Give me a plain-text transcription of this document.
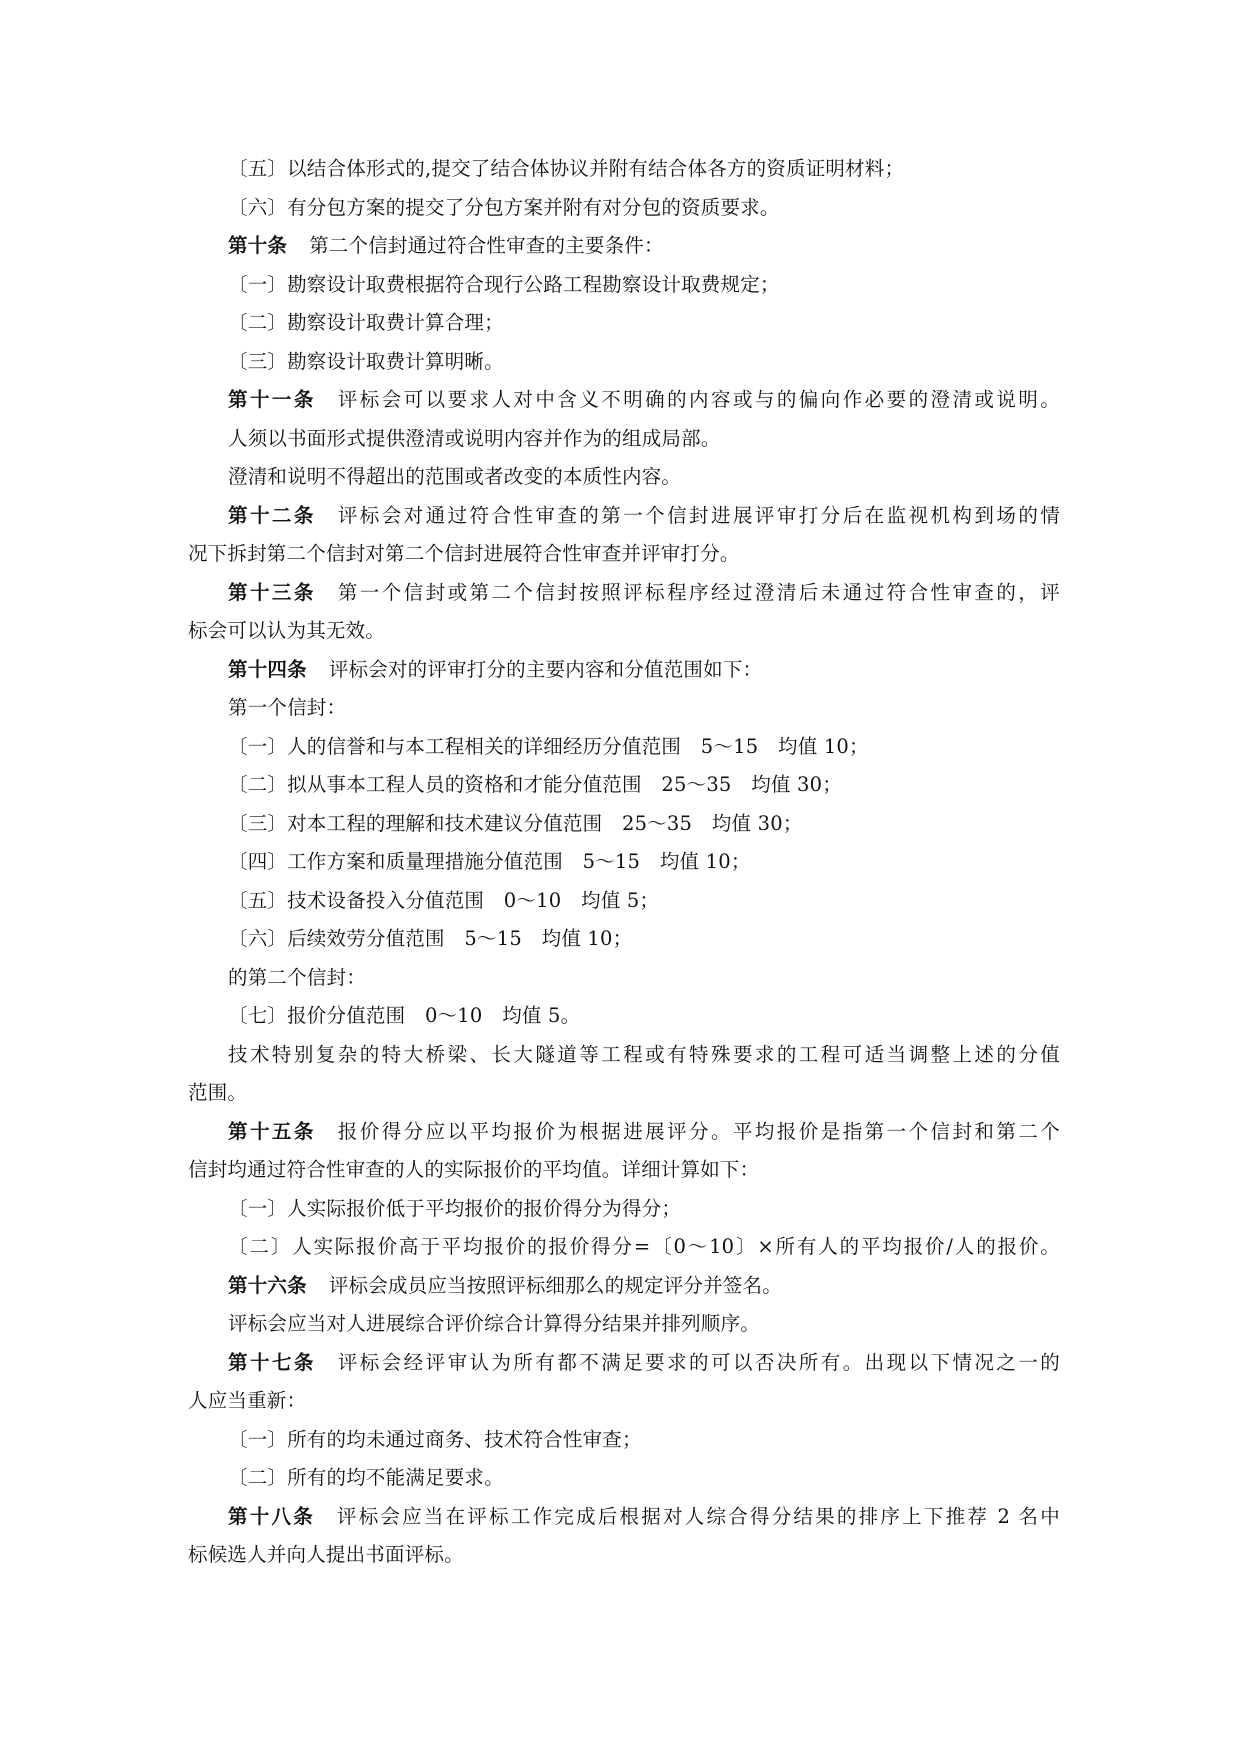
〔五〕以结合体形式的,提交了结合体协议并附有结合体各方的资质证明材料；
〔六〕有分包方案的提交了分包方案并附有对分包的资质要求。
第十条 第二个信封通过符合性审查的主要条件：
〔一〕勘察设计取费根据符合现行公路工程勘察设计取费规定；
〔二〕勘察设计取费计算合理；
〔三〕勘察设计取费计算明晰。
第十一条 评标会可以要求人对中含义不明确的内容或与的偏向作必要的澄清或说明。
人须以书面形式提供澄清或说明内容并作为的组成局部。
澄清和说明不得超出的范围或者改变的本质性内容。
第十二条 评标会对通过符合性审查的第一个信封进展评审打分后在监视机构到场的情
况下拆封第二个信封对第二个信封进展符合性审查并评审打分。
第十三条 第一个信封或第二个信封按照评标程序经过澄清后未通过符合性审查的，评
标会可以认为其无效。
第十四条 评标会对的评审打分的主要内容和分值范围如下：
第一个信封：
〔一〕人的信誉和与本工程相关的详细经历分值范围　5～15　均值 10；
〔二〕拟从事本工程人员的资格和才能分值范围　25～35　均值 30；
〔三〕对本工程的理解和技术建议分值范围　25～35　均值 30；
〔四〕工作方案和质量理措施分值范围　5～15　均值 10；
〔五〕技术设备投入分值范围　0～10　均值 5；
〔六〕后续效劳分值范围　5～15　均值 10；
的第二个信封：
〔七〕报价分值范围　0～10　均值 5。
技术特别复杂的特大桥梁、长大隧道等工程或有特殊要求的工程可适当调整上述的分值
范围。
第十五条 报价得分应以平均报价为根据进展评分。平均报价是指第一个信封和第二个
信封均通过符合性审查的人的实际报价的平均值。详细计算如下：
〔一〕人实际报价低于平均报价的报价得分为得分；
〔二〕人实际报价高于平均报价的报价得分=〔0～10〕×所有人的平均报价/人的报价。
第十六条 评标会成员应当按照评标细那么的规定评分并签名。
评标会应当对人进展综合评价综合计算得分结果并排列顺序。
第十七条 评标会经评审认为所有都不满足要求的可以否决所有。出现以下情况之一的
人应当重新：
〔一〕所有的均未通过商务、技术符合性审查；
〔二〕所有的均不能满足要求。
第十八条 评标会应当在评标工作完成后根据对人综合得分结果的排序上下推荐 2 名中
标候选人并向人提出书面评标。
